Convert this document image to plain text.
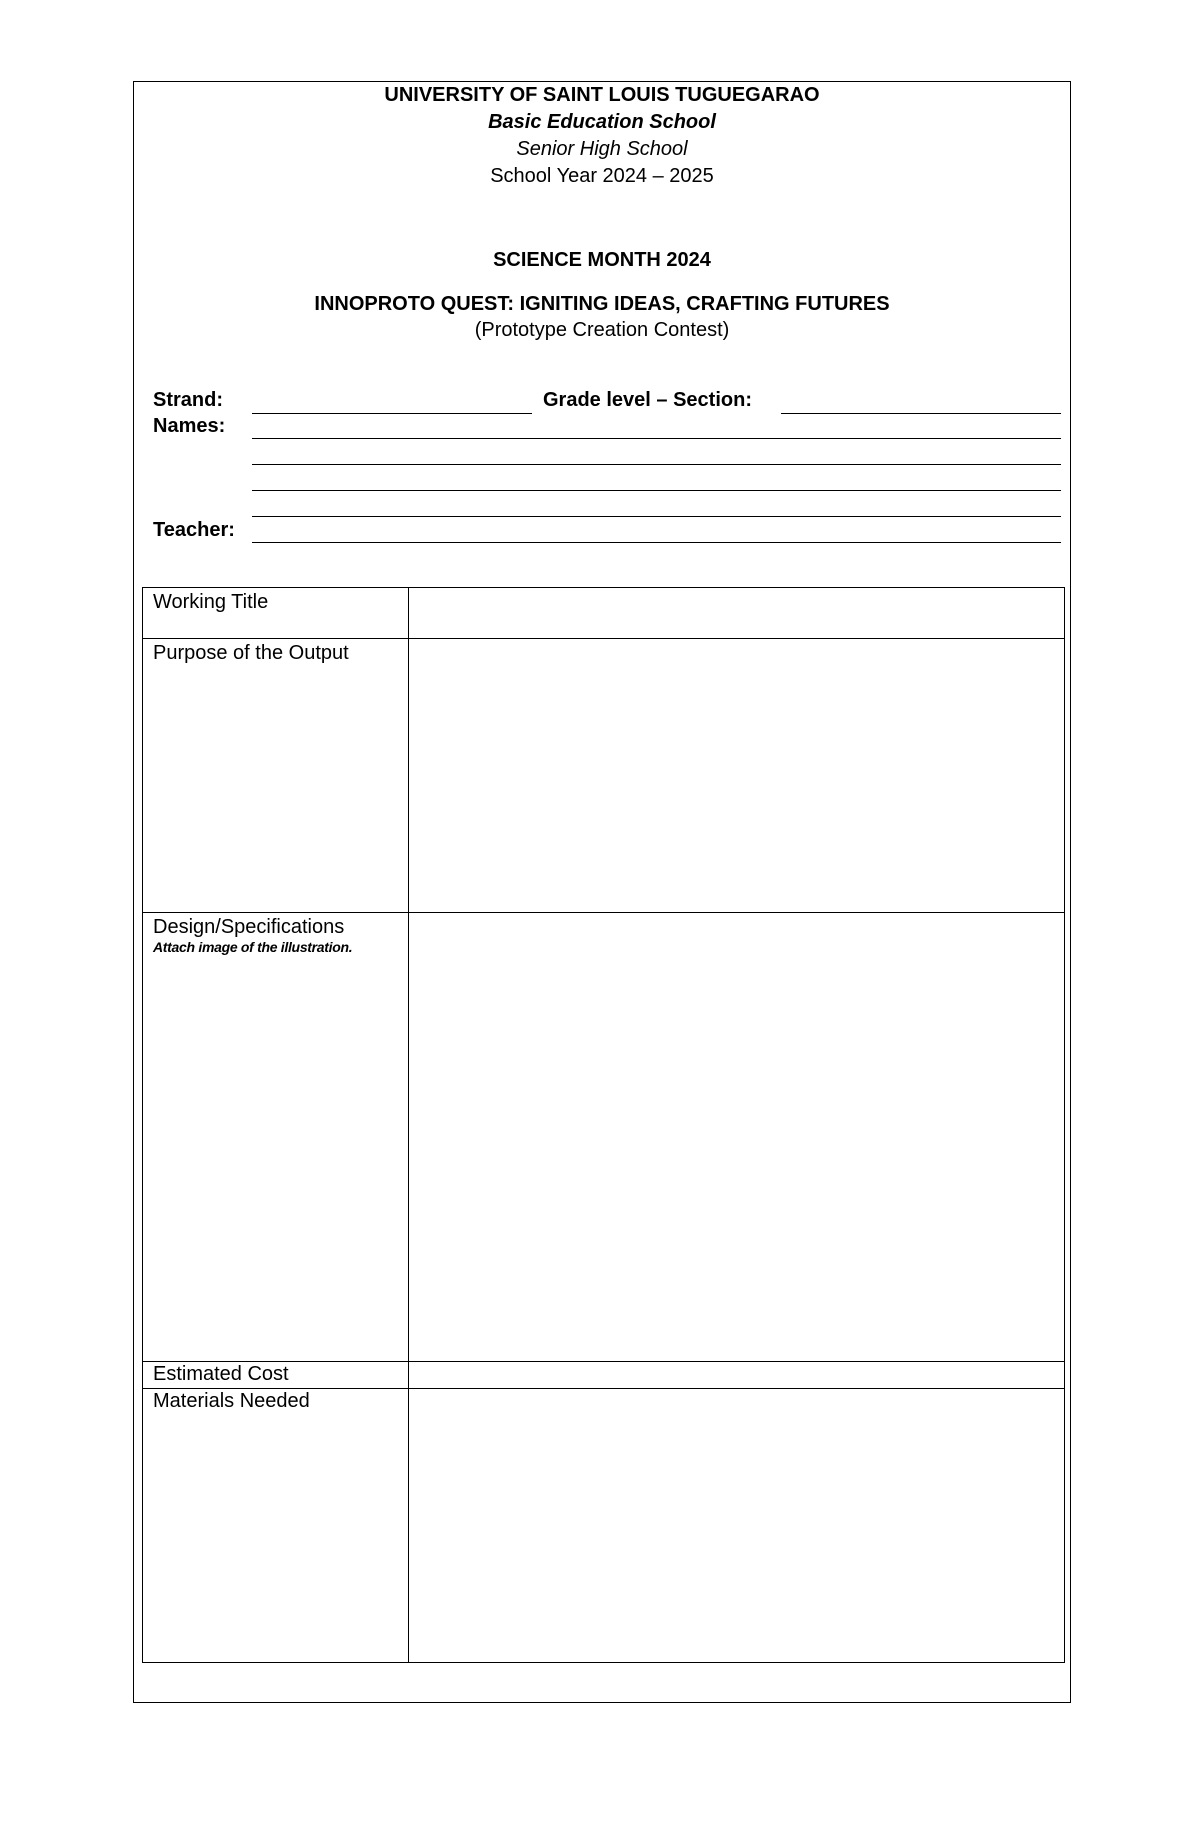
UNIVERSITY OF SAINT LOUIS TUGUEGARAO
Basic Education School
Senior High School
School Year 2024 – 2025
SCIENCE MONTH 2024
INNOPROTO QUEST: IGNITING IDEAS, CRAFTING FUTURES
(Prototype Creation Contest)
Strand:	Grade level – Section:
Names:
Teacher:
Working Title	
Purpose of the Output	
Design/Specifications
Attach image of the illustration.	

Estimated Cost	
Materials Needed	
